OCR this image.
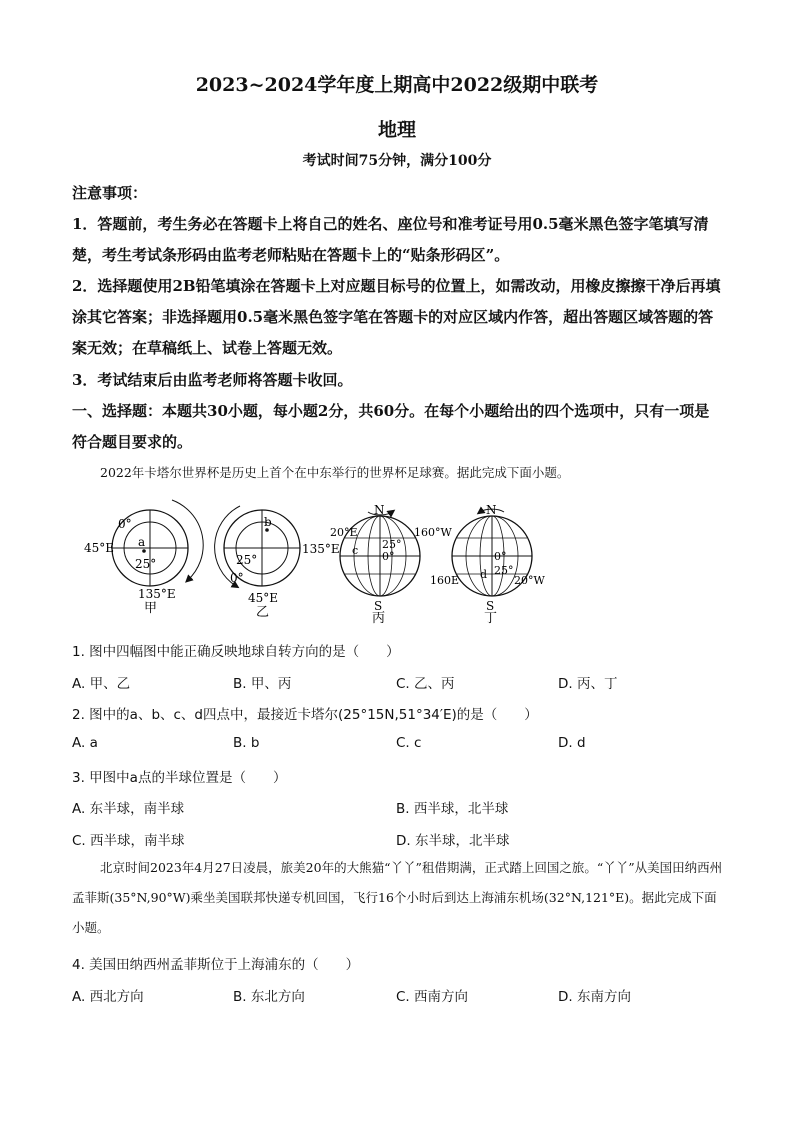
2023~2024学年度上期高中2022级期中联考
地理
考试时间75分钟，满分100分
注意事项：
1．答题前，考生务必在答题卡上将自己的姓名、座位号和准考证号用0.5毫米黑色签字笔填写清楚，考生考试条形码由监考老师粘贴在答题卡上的“贴条形码区”。
2．选择题使用2B铅笔填涂在答题卡上对应题目标号的位置上，如需改动，用橡皮擦擦干净后再填涂其它答案；非选择题用0.5毫米黑色签字笔在答题卡的对应区域内作答，超出答题区域答题的答案无效；在草稿纸上、试卷上答题无效。
3．考试结束后由监考老师将答题卡收回。
一、选择题：本题共30小题，每小题2分，共60分。在每个小题给出的四个选项中，只有一项是符合题目要求的。
2022年卡塔尔世界杯是历史上首个在中东举行的世界杯足球赛。据此完成下面小题。
0°
45°E a
25°
135°E
甲
b
25°
135°E
0°
45°E
乙
N
S
20°E	160°W
c 25°
0°
丙
N
S
0°
25°
d
160E	20°W
丁
1. 图中四幅图中能正确反映地球自转方向的是（　　）
A. 甲、乙	B. 甲、丙	C. 乙、丙	D. 丙、丁
2. 图中的a、b、c、d四点中，最接近卡塔尔(25°15N,51°34′E)的是（　　）
A. a	B. b	C. c	D. d
3. 甲图中a点的半球位置是（　　）
A. 东半球，南半球	B. 西半球，北半球
C. 西半球，南半球	D. 东半球，北半球
北京时间2023年4月27日凌晨，旅美20年的大熊猫“丫丫”租借期满，正式踏上回国之旅。“丫丫”从美国田纳西州孟菲斯(35°N,90°W)乘坐美国联邦快递专机回国，飞行16个小时后到达上海浦东机场(32°N,121°E)。据此完成下面小题。
4. 美国田纳西州孟菲斯位于上海浦东的（　　）
A. 西北方向	B. 东北方向	C. 西南方向	D. 东南方向
